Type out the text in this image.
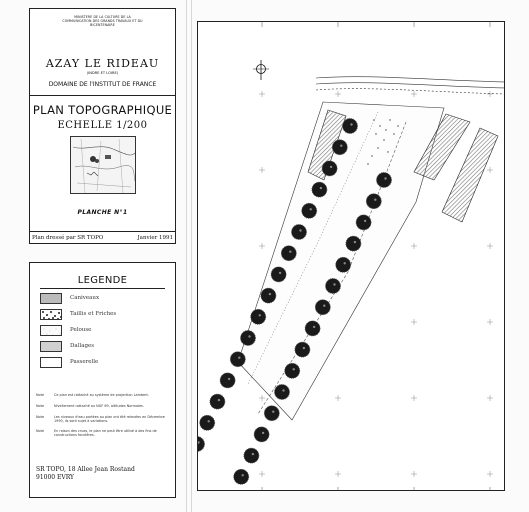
MINISTERE DE LA CULTURE DE LA
COMMUNICATION DES GRANDS TRAVAUX ET DU
BICENTENAIRE
AZAY LE RIDEAU
(INDRE ET LOIRE)
DOMAINE DE l'INSTITUT DE FRANCE
PLAN TOPOGRAPHIQUE
ECHELLE 1/200
PLANCHE N°1
Plan dressé par SR TOPO	Janvier 1991
LEGENDE
Caniveaux
Taillis et Friches
Pelouse
Dallages
Passerelle
Note	Ce plan est rattaché au système de projection Lambert.
Note	Nivellement rattaché au NGF 69, altitudes Normales.
Note	Les niveaux d'eau portées au plan ont été relevées en Décembre 1990, ils sont sujet à variations.
Note	En raison des crues, le plan ne peut être utilisé à des fins de constructions fondières.
SR TOPO, 18 Allee Jean Rostand
91000 EVRY
